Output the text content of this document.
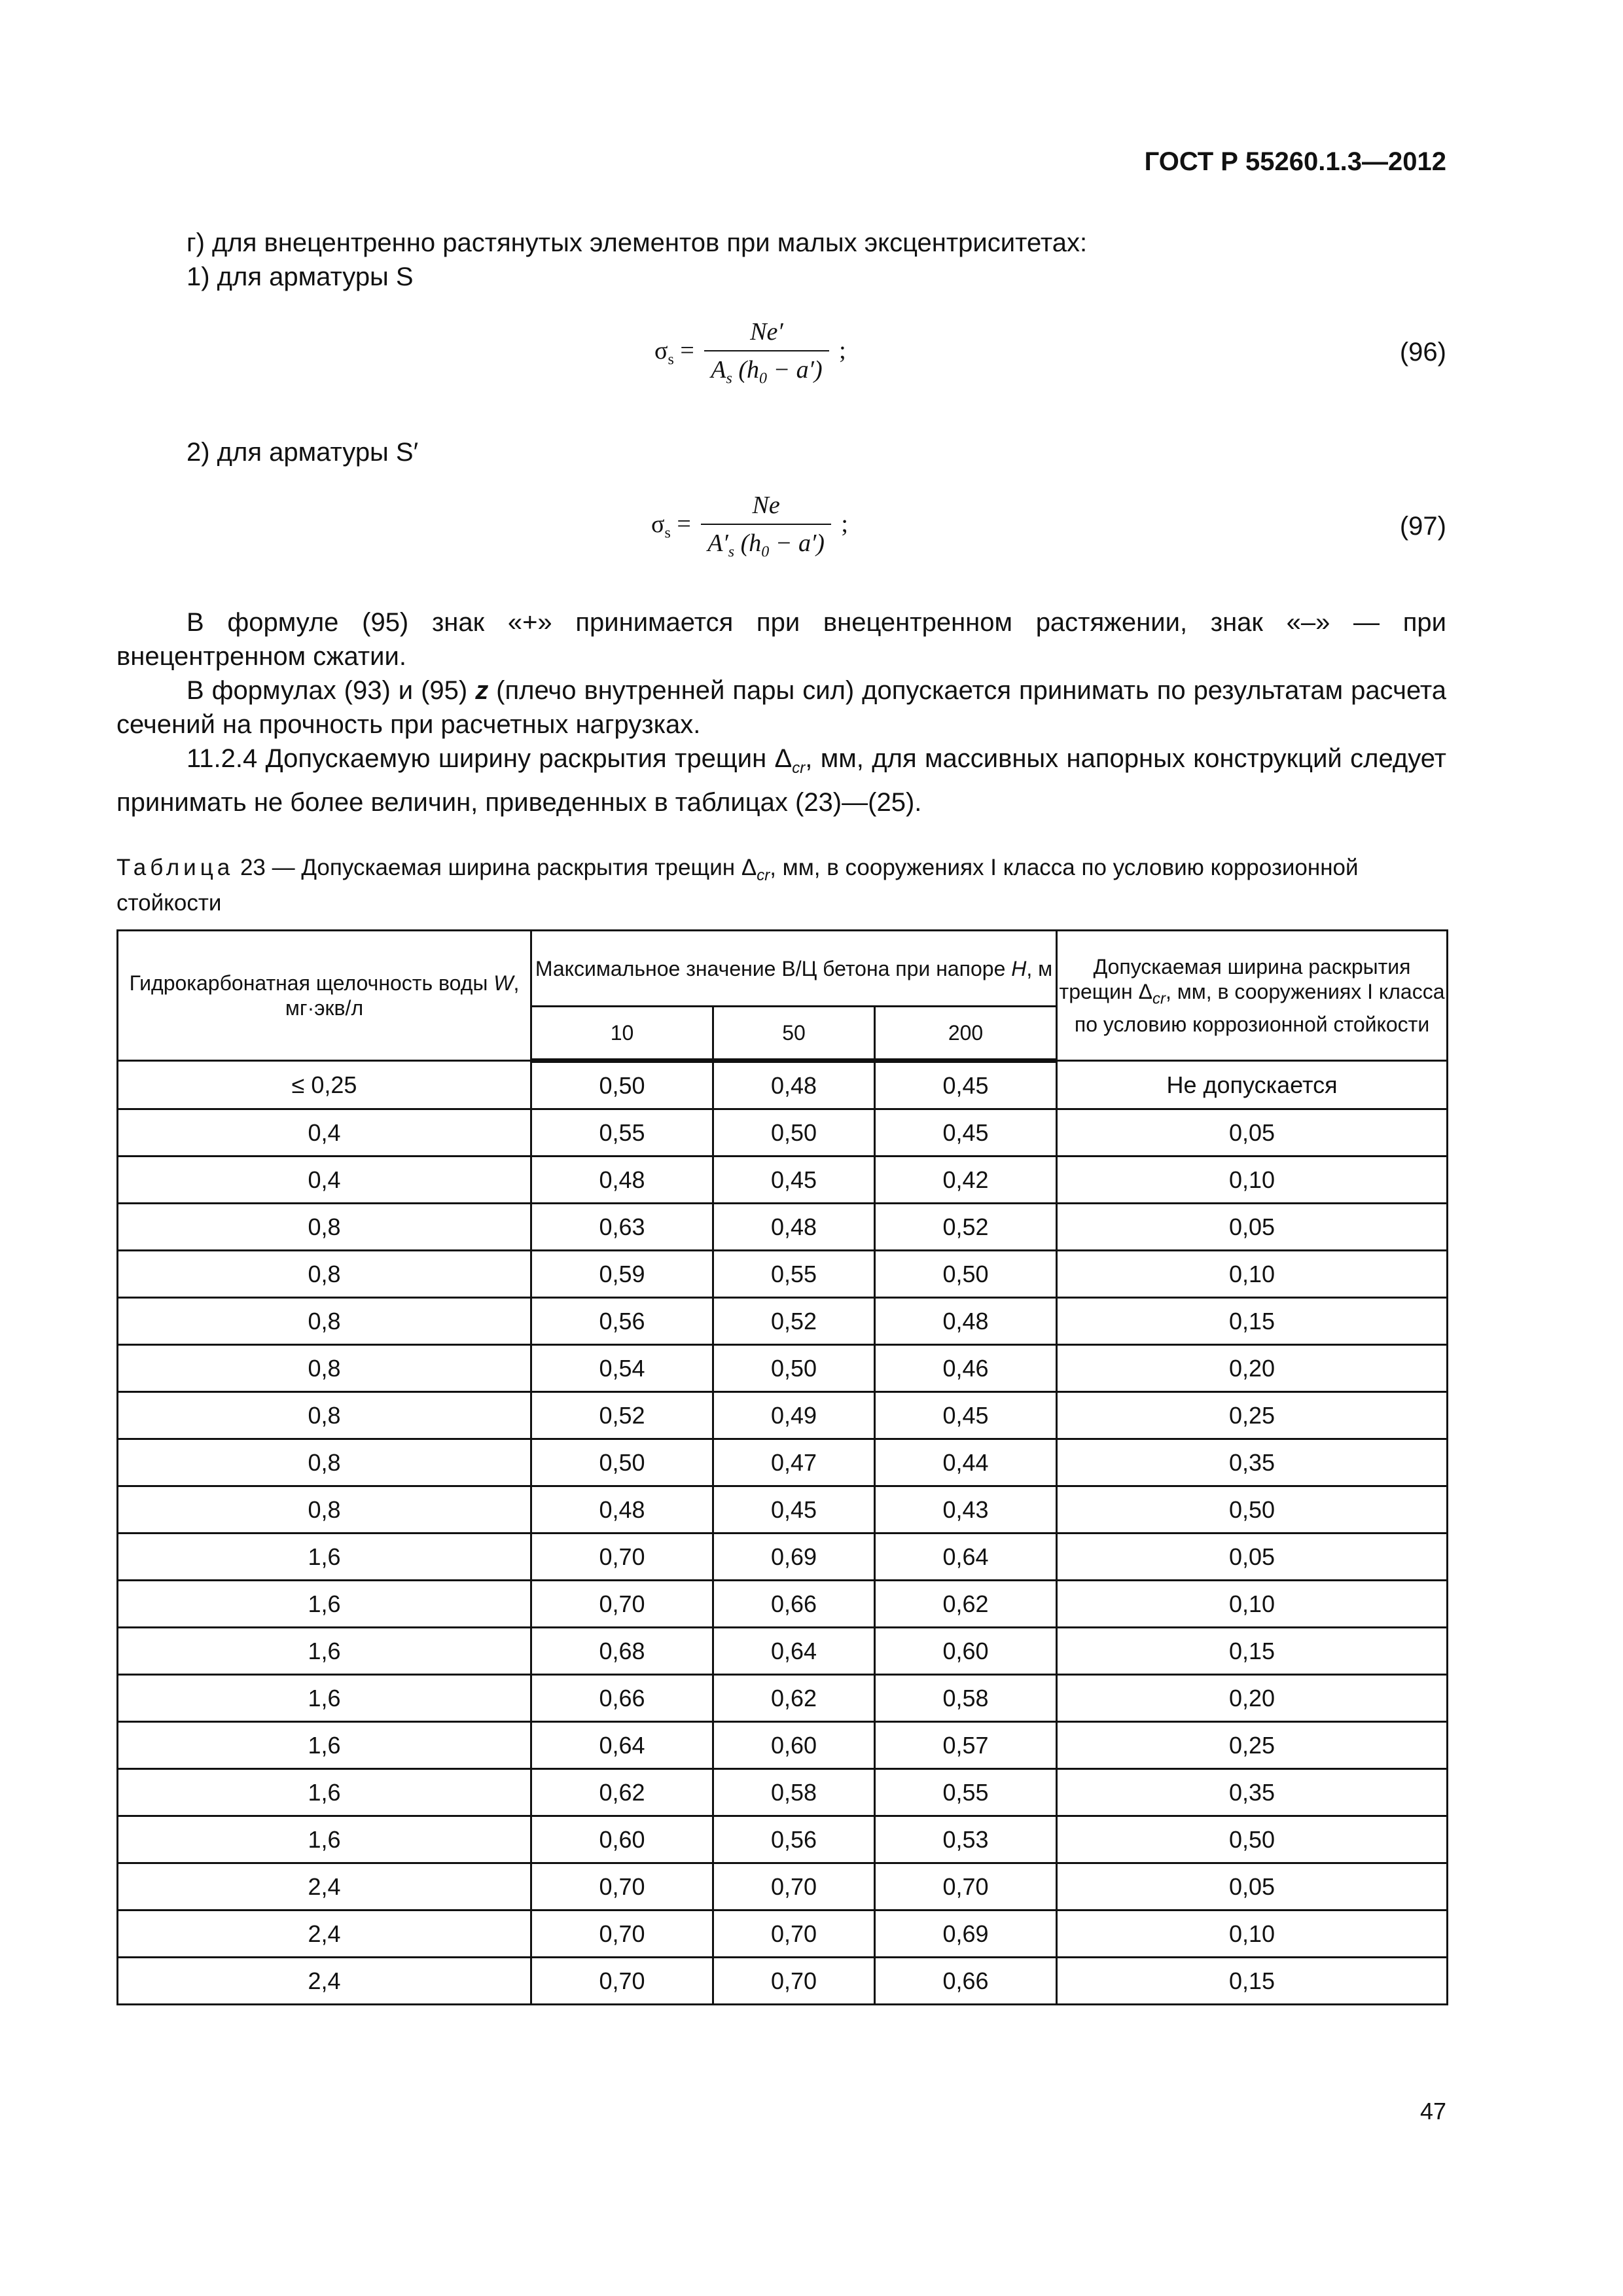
ГОСТ Р 55260.1.3—2012
г) для внецентренно растянутых элементов при малых эксцентриситетах:
1) для арматуры S
$\sigma_s = \frac{Ne'}{A_s (h_0 - a')}$ ;	(96)
2) для арматуры S′
$\sigma_s = \frac{Ne}{A'_s (h_0 - a')}$ ;	(97)

В формуле (95) знак «+» принимается при внецентренном растяжении, знак «–» — при внецентренном сжатии.

В формулах (93) и (95) z (плечо внутренней пары сил) допускается принимать по результатам расчета сечений на прочность при расчетных нагрузках.

11.2.4 Допускаемую ширину раскрытия трещин $\Delta_{cr}$, мм, для массивных напорных конструкций следует принимать не более величин, приведенных в таблицах (23)—(25).

Таблица 23 — Допускаемая ширина раскрытия трещин $\Delta_{cr}$, мм, в сооружениях I класса по условию коррозионной стойкости
Гидрокарбонатная щелочность воды W, мг·экв/л	Максимальное значение В/Ц бетона при напоре H, м			Допускаемая ширина раскрытия трещин $\Delta_{cr}$, мм, в сооружениях I класса по условию коррозионной стойкости
	10	50	200	
≤ 0,25	0,50	0,48	0,45	Не допускается
0,4	0,55	0,50	0,45	0,05
0,4	0,48	0,45	0,42	0,10
0,8	0,63	0,48	0,52	0,05
0,8	0,59	0,55	0,50	0,10
0,8	0,56	0,52	0,48	0,15
0,8	0,54	0,50	0,46	0,20
0,8	0,52	0,49	0,45	0,25
0,8	0,50	0,47	0,44	0,35
0,8	0,48	0,45	0,43	0,50
1,6	0,70	0,69	0,64	0,05
1,6	0,70	0,66	0,62	0,10
1,6	0,68	0,64	0,60	0,15
1,6	0,66	0,62	0,58	0,20
1,6	0,64	0,60	0,57	0,25
1,6	0,62	0,58	0,55	0,35
1,6	0,60	0,56	0,53	0,50
2,4	0,70	0,70	0,70	0,05
2,4	0,70	0,70	0,69	0,10
2,4	0,70	0,70	0,66	0,15
47
